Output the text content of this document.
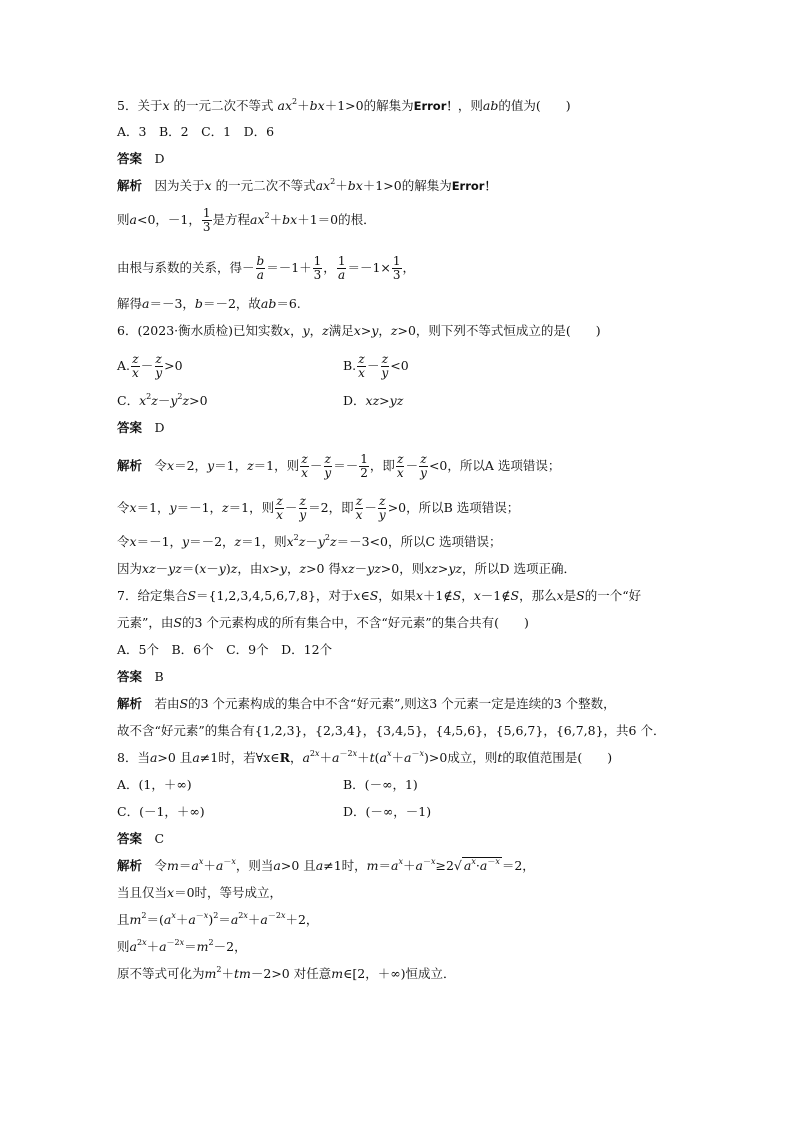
5．关于x 的一元二次不等式 $ax^2+bx+1>0$的解集为Error！，则ab的值为(　　)
A．3　B．2　C．1　D．6
答案　 D
解析　 因为关于x 的一元二次不等式$ax^2+bx+1>0$的解集为Error！
则a<0，－1， $\frac{1}{3}$ 是方程$ax^2+bx+1=0$的根．
由根与系数的关系，得－ $\frac{b}{a} =-1+ \frac{1}{3}$ ， $\frac{1}{a} =-1\times \frac{1}{3}$ ，
解得a＝－3，b＝－2，故ab＝6.
6．(2023·衡水质检)已知实数x，y，z满足x>y，z>0，则下列不等式恒成立的是(　　)
A. $\frac{z}{x} - \frac{z}{y} >0$	B. $\frac{z}{x} - \frac{z}{y} <0$
C．$x^2z-y^2z>0$	D．xz>yz
答案　 D
解析　 令x＝2，y＝1，z＝1，则 $\frac{z}{x} - \frac{z}{y} =- \frac{1}{2}$ ，即 $\frac{z}{x} - \frac{z}{y} <0$，所以A 选项错误；
令x＝1，y＝－1，z＝1，则 $\frac{z}{x} - \frac{z}{y} =2$，即 $\frac{z}{x} - \frac{z}{y} >0$，所以B 选项错误；
令x＝－1，y＝－2，z＝1，则$x^2z-y^2z=-3<0$，所以C 选项错误；
因为xz－yz＝(x－y)z，由x>y，z>0 得xz－yz>0，则xz>yz，所以D 选项正确．
7．给定集合S＝{1,2,3,4,5,6,7,8}，对于x∈S，如果x＋1∉S，x－1∉S，那么x是S的一个“好
元素”，由S的3 个元素构成的所有集合中，不含“好元素”的集合共有(　　)
A．5个　B．6个　C．9个　D．12个
答案　 B
解析　 若由S的3 个元素构成的集合中不含“好元素”,则这3 个元素一定是连续的3 个整数，
故不含“好元素”的集合有{1,2,3}，{2,3,4}，{3,4,5}，{4,5,6}，{5,6,7}，{6,7,8}，共6 个．
8．当a>0 且a≠1时，若∀x∈R，$a^{2x}+a^{-2x}+t(a^x+a^{-x})>0$成立，则t的取值范围是(　　)
A．(1，＋∞)	B．(－∞，1)
C．(－1，＋∞)	D．(－∞，－1)
答案　 C
解析　 令$m=a^x+a^{-x}$，则当a>0 且a≠1时，$m=a^x+a^{-x}\ge 2√$ $a^x\cdot a^{-x} =2$，
当且仅当x＝0时，等号成立，
且$m^2=(a^x+a^{-x})^2=a^{2x}+a^{-2x}+2$，
则$a^{2x}+a^{-2x}=m^2-2$，
原不等式可化为$m^2+tm-2>0$ 对任意m∈[2，＋∞)恒成立．
